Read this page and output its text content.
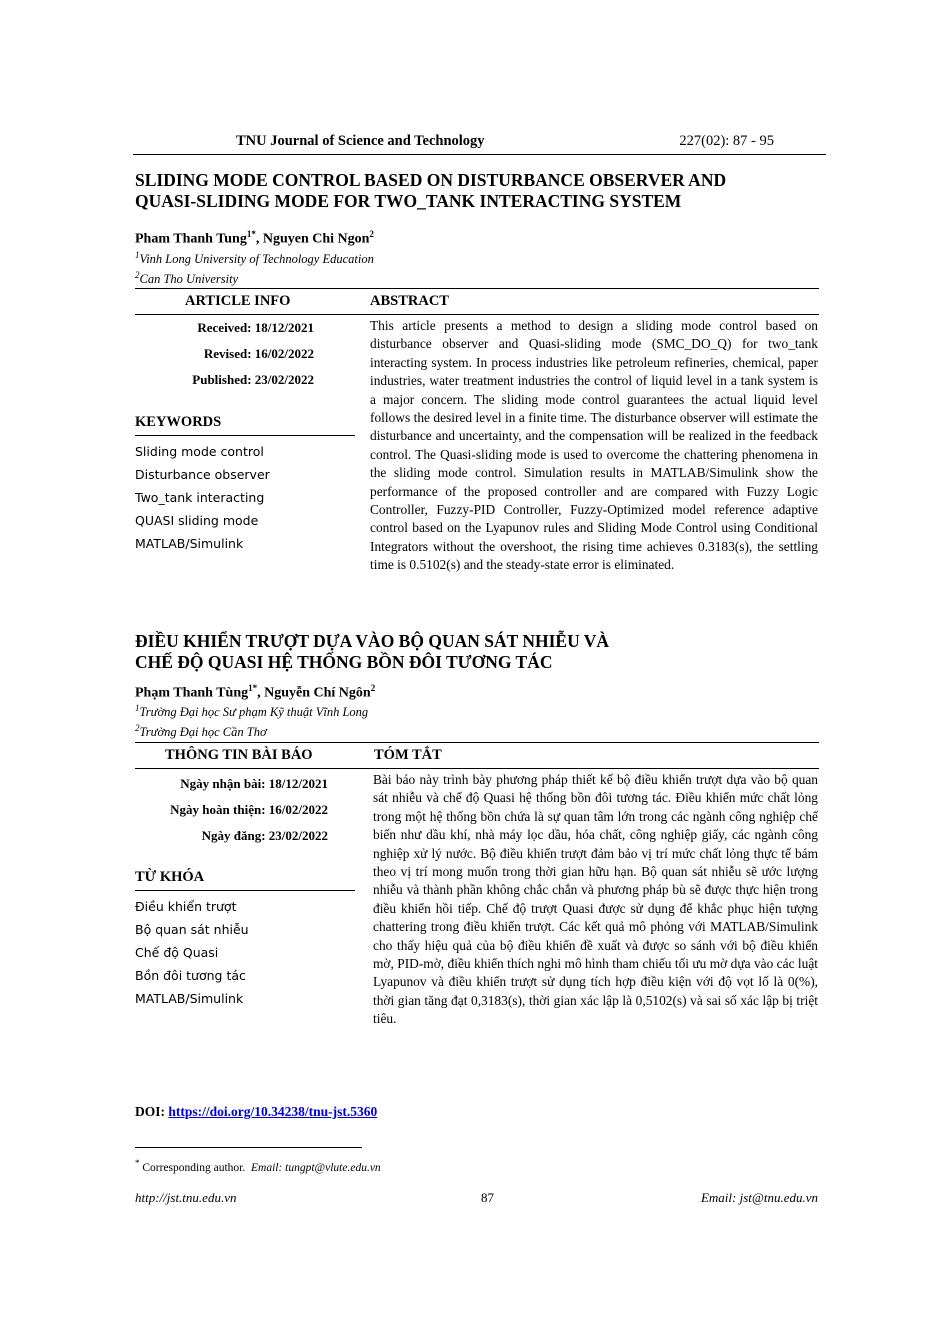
TNU Journal of Science and Technology	227(02): 87 - 95
SLIDING MODE CONTROL BASED ON DISTURBANCE OBSERVER AND
QUASI-SLIDING MODE FOR TWO_TANK INTERACTING SYSTEM
Pham Thanh Tung$^{1*}$, Nguyen Chi Ngon$^2$
$^1$Vinh Long University of Technology Education
$^2$Can Tho University
ARTICLE INFO	ABSTRACT
Received: 18/12/2021
Revised: 16/02/2022
Published: 23/02/2022
KEYWORDS
Sliding mode control
Disturbance observer
Two_tank interacting
QUASI sliding mode
MATLAB/Simulink

This article presents a method to design a sliding mode control based on disturbance observer and Quasi-sliding mode (SMC_DO_Q) for two_tank interacting system. In process industries like petroleum refineries, chemical, paper industries, water treatment industries the control of liquid level in a tank system is a major concern. The sliding mode control guarantees the actual liquid level follows the desired level in a finite time. The disturbance observer will estimate the disturbance and uncertainty, and the compensation will be realized in the feedback control. The Quasi-sliding mode is used to overcome the chattering phenomena in the sliding mode control. Simulation results in MATLAB/Simulink show the performance of the proposed controller and are compared with Fuzzy Logic Controller, Fuzzy-PID Controller, Fuzzy-Optimized model reference adaptive control based on the Lyapunov rules and Sliding Mode Control using Conditional Integrators without the overshoot, the rising time achieves 0.3183(s), the settling time is 0.5102(s) and the steady-state error is eliminated.

ĐIỀU KHIỂN TRƯỢT DỰA VÀO BỘ QUAN SÁT NHIỄU VÀ
CHẾ ĐỘ QUASI HỆ THỐNG BỒN ĐÔI TƯƠNG TÁC
Phạm Thanh Tùng$^{1*}$, Nguyễn Chí Ngôn$^2$
$^1$Trường Đại học Sư phạm Kỹ thuật Vĩnh Long
$^2$Trường Đại học Cần Thơ
THÔNG TIN BÀI BÁO	TÓM TẮT
Ngày nhận bài: 18/12/2021
Ngày hoàn thiện: 16/02/2022
Ngày đăng: 23/02/2022
TỪ KHÓA
Điều khiển trượt
Bộ quan sát nhiễu
Chế độ Quasi
Bồn đôi tương tác
MATLAB/Simulink

Bài báo này trình bày phương pháp thiết kế bộ điều khiển trượt dựa vào bộ quan sát nhiễu và chế độ Quasi hệ thống bồn đôi tương tác. Điều khiển mức chất lỏng trong một hệ thống bồn chứa là sự quan tâm lớn trong các ngành công nghiệp chế biến như dầu khí, nhà máy lọc dầu, hóa chất, công nghiệp giấy, các ngành công nghiệp xử lý nước. Bộ điều khiển trượt đảm bảo vị trí mức chất lỏng thực tế bám theo vị trí mong muốn trong thời gian hữu hạn. Bộ quan sát nhiễu sẽ ước lượng nhiễu và thành phần không chắc chắn và phương pháp bù sẽ được thực hiện trong điều khiển hồi tiếp. Chế độ trượt Quasi được sử dụng để khắc phục hiện tượng chattering trong điều khiển trượt. Các kết quả mô phỏng với MATLAB/Simulink cho thấy hiệu quả của bộ điều khiển đề xuất và được so sánh với bộ điều khiển mờ, PID-mờ, điều khiển thích nghi mô hình tham chiếu tối ưu mờ dựa vào các luật Lyapunov và điều khiển trượt sử dụng tích hợp điều kiện với độ vọt lố là 0(%), thời gian tăng đạt 0,3183(s), thời gian xác lập là 0,5102(s) và sai số xác lập bị triệt tiêu.

DOI: https://doi.org/10.34238/tnu-jst.5360
* Corresponding author. Email: tungpt@vlute.edu.vn
http://jst.tnu.edu.vn	87	Email: jst@tnu.edu.vn
